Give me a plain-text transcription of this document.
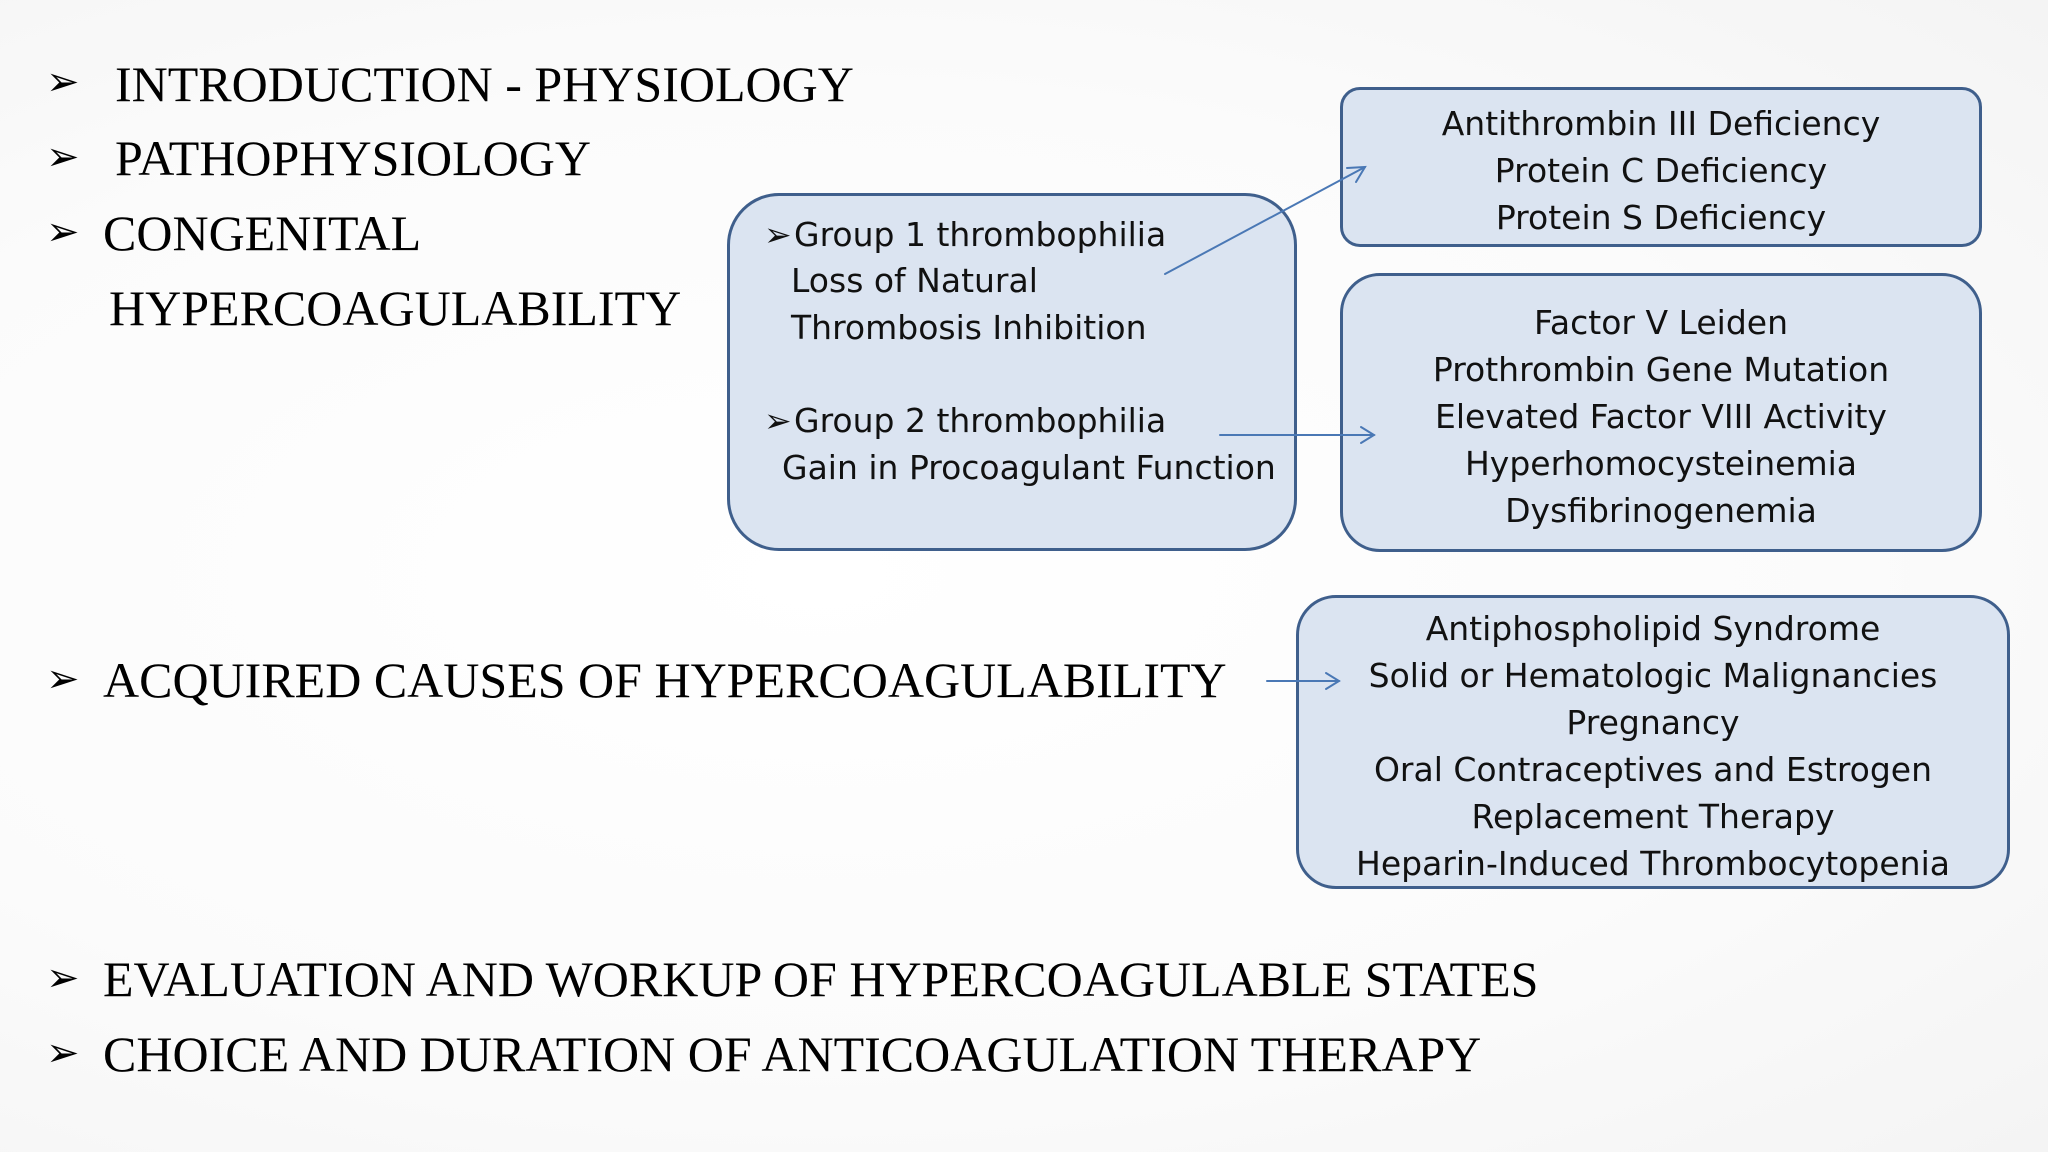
➢ INTRODUCTION - PHYSIOLOGY
➢ PATHOPHYSIOLOGY
➢ CONGENITAL
HYPERCOAGULABILITY
➢ ACQUIRED CAUSES OF HYPERCOAGULABILITY
➢ EVALUATION AND WORKUP OF HYPERCOAGULABLE STATES
➢ CHOICE AND DURATION OF ANTICOAGULATION THERAPY
➢ Group 1 thrombophilia
Loss of Natural
Thrombosis Inhibition
➢ Group 2 thrombophilia
Gain in Procoagulant Function
Antithrombin III Deficiency
Protein C Deficiency
Protein S Deficiency
Factor V Leiden
Prothrombin Gene Mutation
Elevated Factor VIII Activity
Hyperhomocysteinemia
Dysfibrinogenemia
Antiphospholipid Syndrome
Solid or Hematologic Malignancies
Pregnancy
Oral Contraceptives and Estrogen
Replacement Therapy
Heparin-Induced Thrombocytopenia
